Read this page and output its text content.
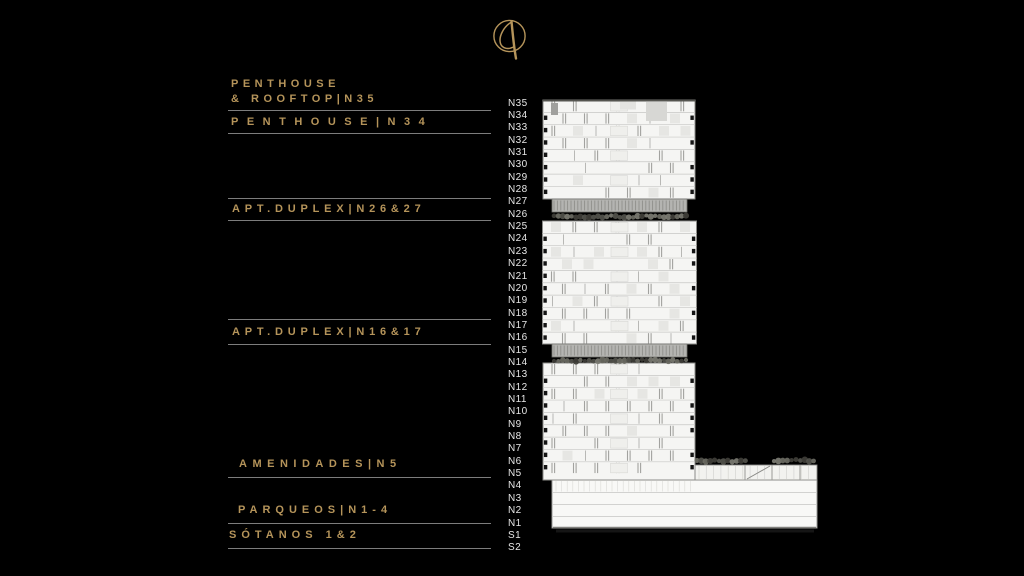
PENTHOUSE
& ROOFTOP|N35
PENTHOUSE|N34
APT.DUPLEX|N26&27
APT.DUPLEX|N16&17
AMENIDADES|N5
PARQUEOS|N1-4
SÓTANOS 1&2
N35
N34
N33
N32
N31
N30
N29
N28
N27
N26
N25
N24
N23
N22
N21
N20
N19
N18
N17
N16
N15
N14
N13
N12
N11
N10
N9
N8
N7
N6
N5
N4
N3
N2
N1
S1
S2
